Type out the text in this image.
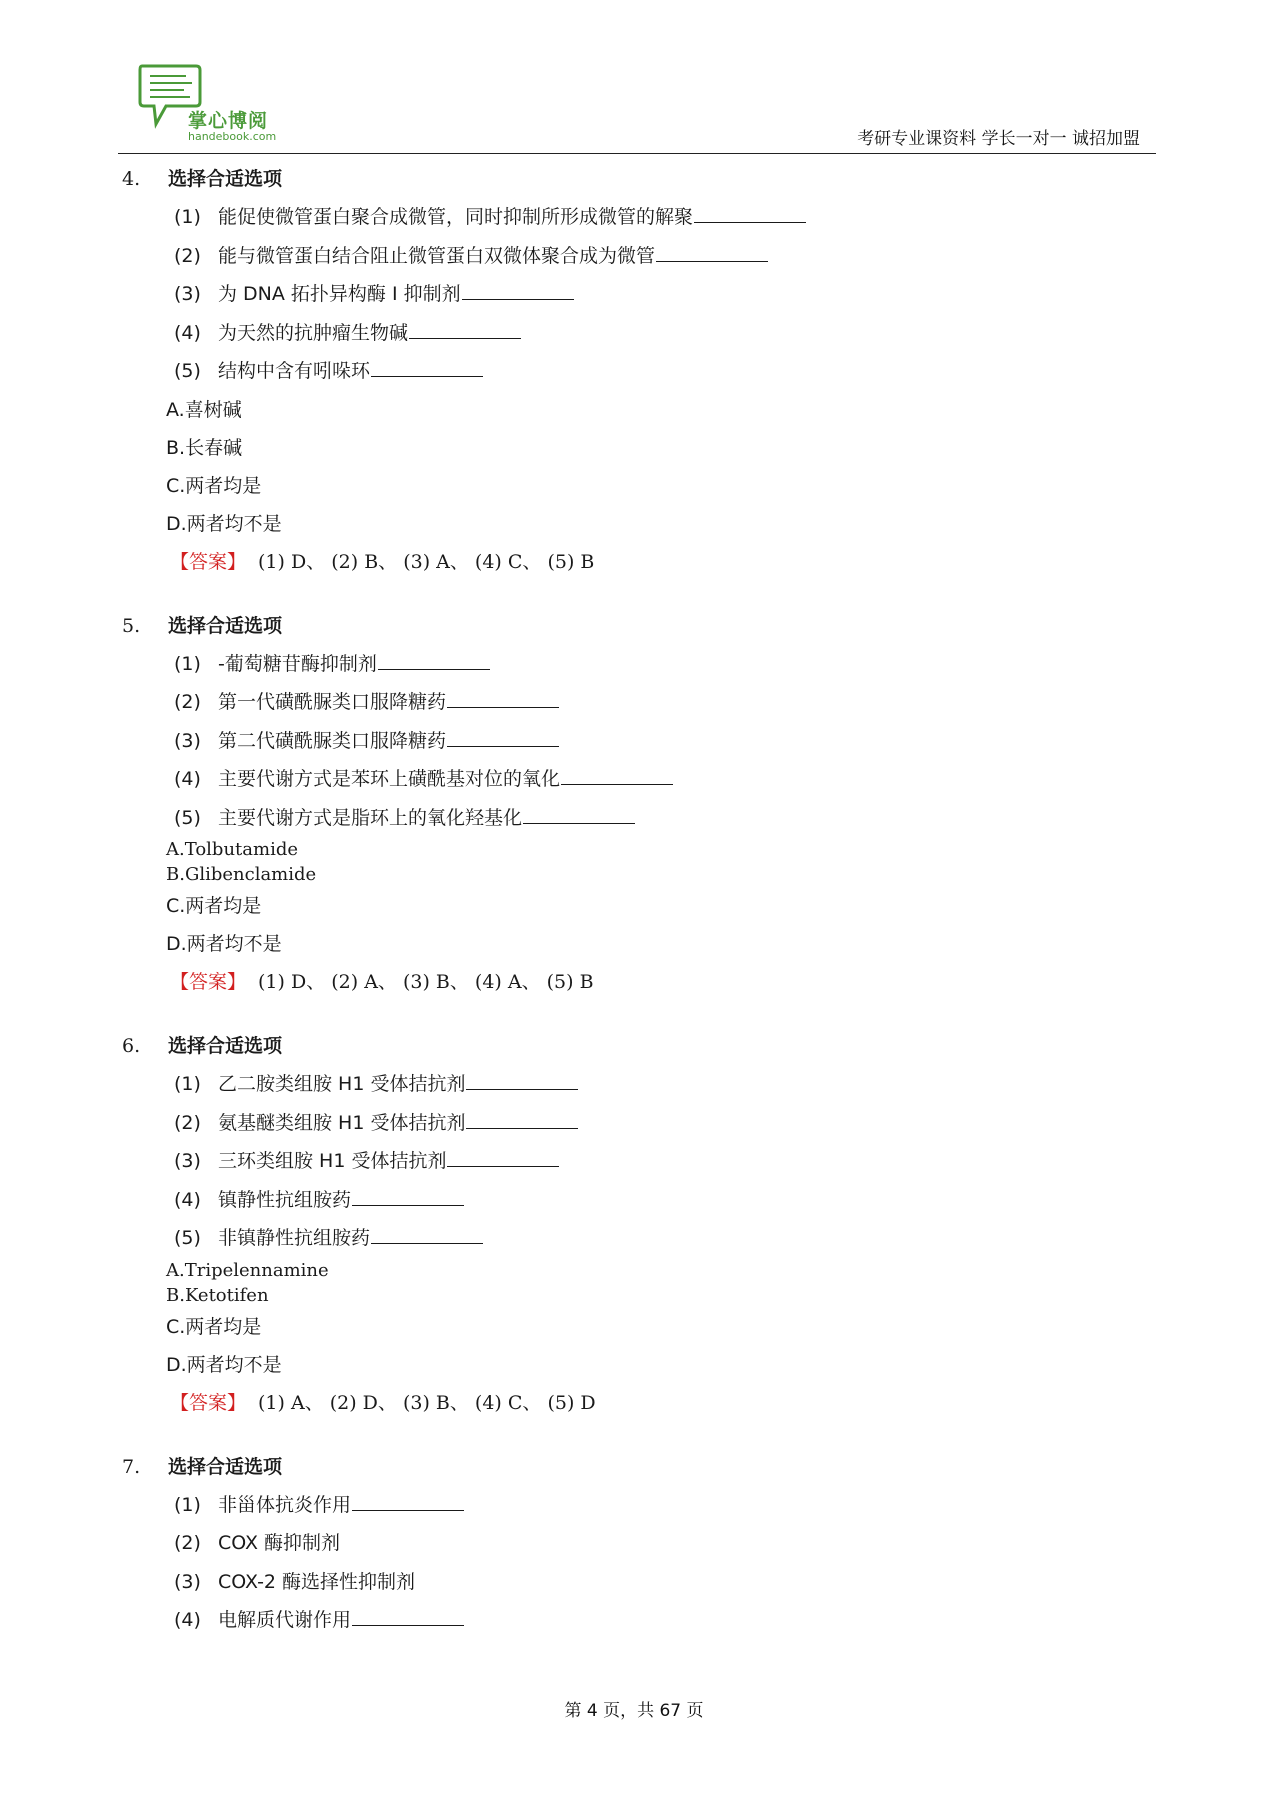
掌心博阅
handebook.com	考研专业课资料 学长一对一 诚招加盟
4. 选择合适选项
(1) 能促使微管蛋白聚合成微管，同时抑制所形成微管的解聚
(2) 能与微管蛋白结合阻止微管蛋白双微体聚合成为微管
(3) 为 DNA 拓扑异构酶 I 抑制剂
(4) 为天然的抗肿瘤生物碱
(5) 结构中含有吲哚环
A.喜树碱
B.长春碱
C.两者均是
D.两者均不是
【答案】 (1) D、 (2) B、 (3) A、 (4) C、 (5) B
5. 选择合适选项
(1) -葡萄糖苷酶抑制剂
(2) 第一代磺酰脲类口服降糖药
(3) 第二代磺酰脲类口服降糖药
(4) 主要代谢方式是苯环上磺酰基对位的氧化
(5) 主要代谢方式是脂环上的氧化羟基化
A.Tolbutamide
B.Glibenclamide
C.两者均是
D.两者均不是
【答案】 (1) D、 (2) A、 (3) B、 (4) A、 (5) B
6. 选择合适选项
(1) 乙二胺类组胺 H1 受体拮抗剂
(2) 氨基醚类组胺 H1 受体拮抗剂
(3) 三环类组胺 H1 受体拮抗剂
(4) 镇静性抗组胺药
(5) 非镇静性抗组胺药
A.Tripelennamine
B.Ketotifen
C.两者均是
D.两者均不是
【答案】 (1) A、 (2) D、 (3) B、 (4) C、 (5) D
7. 选择合适选项
(1) 非甾体抗炎作用
(2) COX 酶抑制剂
(3) COX-2 酶选择性抑制剂
(4) 电解质代谢作用
第 4 页，共 67 页
